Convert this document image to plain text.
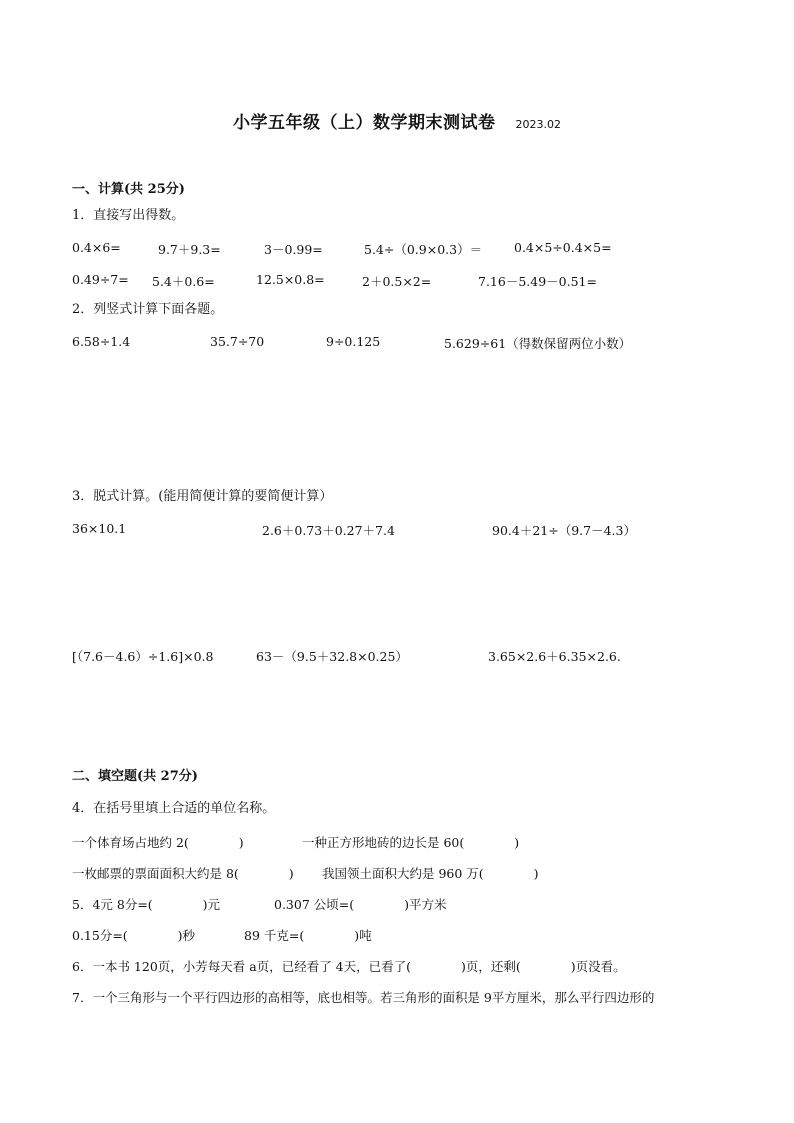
小学五年级（上）数学期末测试卷 2023.02
一、计算(共 25分)
1．直接写出得数。
0.4×6=	9.7＋9.3=	3－0.99=	5.4÷（0.9×0.3）＝	0.4×5÷0.4×5=
0.49÷7= 5.4＋0.6=	12.5×0.8=	2＋0.5×2=	7.16－5.49－0.51=
2．列竖式计算下面各题。
6.58÷1.4	35.7÷70	9÷0.125	5.629÷61（得数保留两位小数）
3．脱式计算。(能用简便计算的要简便计算）
36×10.1	2.6＋0.73＋0.27＋7.4	90.4＋21÷（9.7－4.3）
[（7.6－4.6）÷1.6]×0.8	63－（9.5＋32.8×0.25）	3.65×2.6＋6.35×2.6.
二、填空题(共 27分)
4．在括号里填上合适的单位名称。
一个体育场占地约 2(　　　　)	一种正方形地砖的边长是 60(　　　　)
一枚邮票的票面面积大约是 8(　　　　) 我国领土面积大约是 960 万(　　　　)
5．4元 8分=(　　　　)元	0.307 公顷=(　　　　)平方米
0.15分=(　　　　)秒	89 千克=(　　　　)吨
6．一本书 120页，小芳每天看 a页，已经看了 4天，已看了(　　　　)页，还剩(　　　　)页没看。
7．一个三角形与一个平行四边形的高相等，底也相等。若三角形的面积是 9平方厘米，那么平行四边形的
